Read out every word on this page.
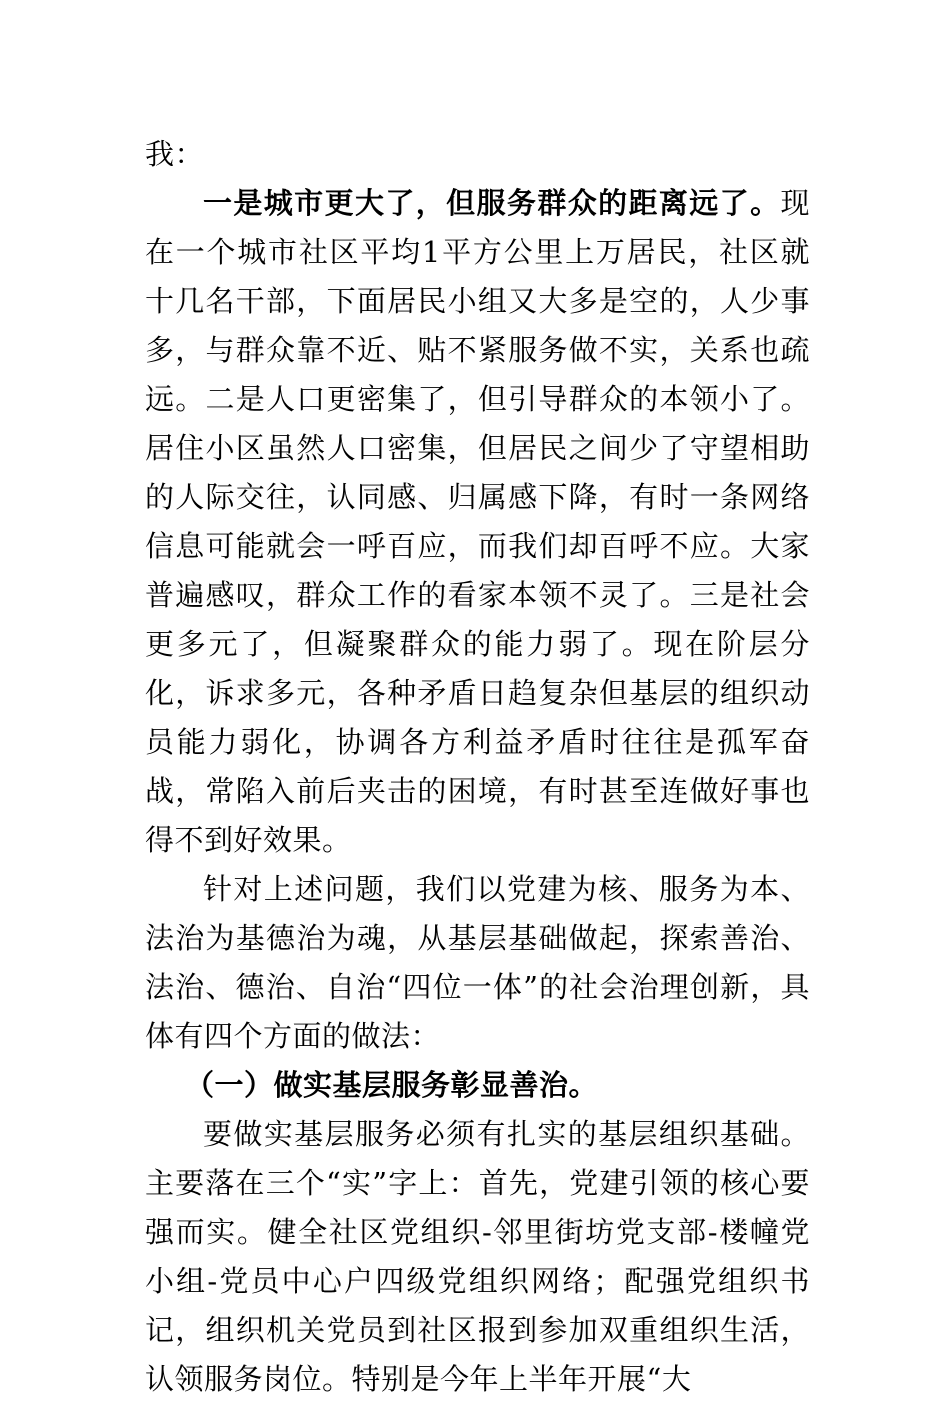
我：

一是城市更大了，但服务群众的距离远了。现在一个城市社区平均1平方公里上万居民，社区就十几名干部，下面居民小组又大多是空的，人少事多，与群众靠不近、贴不紧服务做不实，关系也疏远。二是人口更密集了，但引导群众的本领小了。居住小区虽然人口密集，但居民之间少了守望相助的人际交往，认同感、归属感下降，有时一条网络信息可能就会一呼百应，而我们却百呼不应。大家普遍感叹，群众工作的看家本领不灵了。三是社会更多元了，但凝聚群众的能力弱了。现在阶层分化，诉求多元，各种矛盾日趋复杂但基层的组织动员能力弱化，协调各方利益矛盾时往往是孤军奋战，常陷入前后夹击的困境，有时甚至连做好事也得不到好效果。

针对上述问题，我们以党建为核、服务为本、法治为基德治为魂，从基层基础做起，探索善治、法治、德治、自治“四位一体”的社会治理创新，具体有四个方面的做法：

（一）做实基层服务彰显善治。

要做实基层服务必须有扎实的基层组织基础。主要落在三个“实”字上：首先，党建引领的核心要强而实。健全社区党组织-邻里街坊党支部-楼幢党小组-党员中心户四级党组织网络；配强党组织书记，组织机关党员到社区报到参加双重组织生活，认领服务岗位。特别是今年上半年开展“大
